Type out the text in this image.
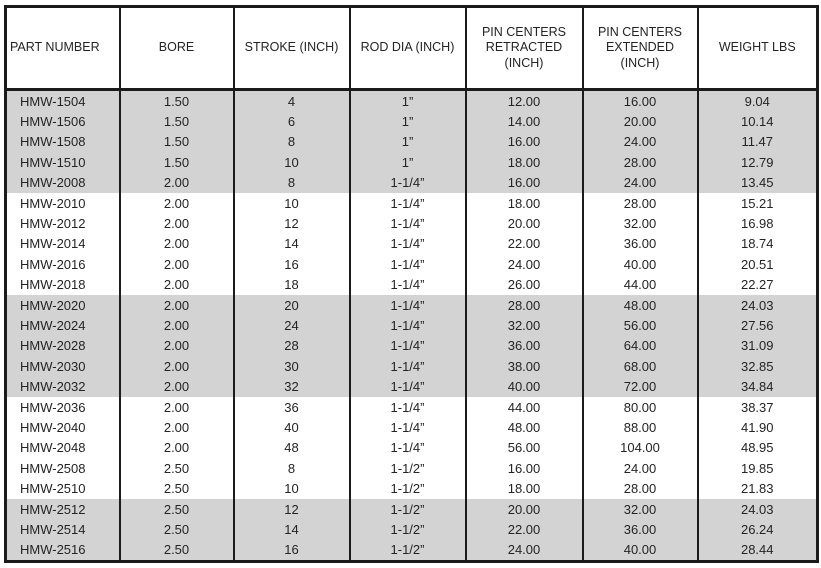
PART NUMBER	BORE	STROKE (INCH)	ROD DIA (INCH)	PIN CENTERS RETRACTED (INCH)	PIN CENTERS EXTENDED (INCH)	WEIGHT LBS
HMW-1504	1.50	4	1”	12.00	16.00	9.04
HMW-1506	1.50	6	1”	14.00	20.00	10.14
HMW-1508	1.50	8	1”	16.00	24.00	11.47
HMW-1510	1.50	10	1”	18.00	28.00	12.79
HMW-2008	2.00	8	1-1/4”	16.00	24.00	13.45
HMW-2010	2.00	10	1-1/4”	18.00	28.00	15.21
HMW-2012	2.00	12	1-1/4”	20.00	32.00	16.98
HMW-2014	2.00	14	1-1/4”	22.00	36.00	18.74
HMW-2016	2.00	16	1-1/4”	24.00	40.00	20.51
HMW-2018	2.00	18	1-1/4”	26.00	44.00	22.27
HMW-2020	2.00	20	1-1/4”	28.00	48.00	24.03
HMW-2024	2.00	24	1-1/4”	32.00	56.00	27.56
HMW-2028	2.00	28	1-1/4”	36.00	64.00	31.09
HMW-2030	2.00	30	1-1/4”	38.00	68.00	32.85
HMW-2032	2.00	32	1-1/4”	40.00	72.00	34.84
HMW-2036	2.00	36	1-1/4”	44.00	80.00	38.37
HMW-2040	2.00	40	1-1/4”	48.00	88.00	41.90
HMW-2048	2.00	48	1-1/4”	56.00	104.00	48.95
HMW-2508	2.50	8	1-1/2”	16.00	24.00	19.85
HMW-2510	2.50	10	1-1/2”	18.00	28.00	21.83
HMW-2512	2.50	12	1-1/2”	20.00	32.00	24.03
HMW-2514	2.50	14	1-1/2”	22.00	36.00	26.24
HMW-2516	2.50	16	1-1/2”	24.00	40.00	28.44
